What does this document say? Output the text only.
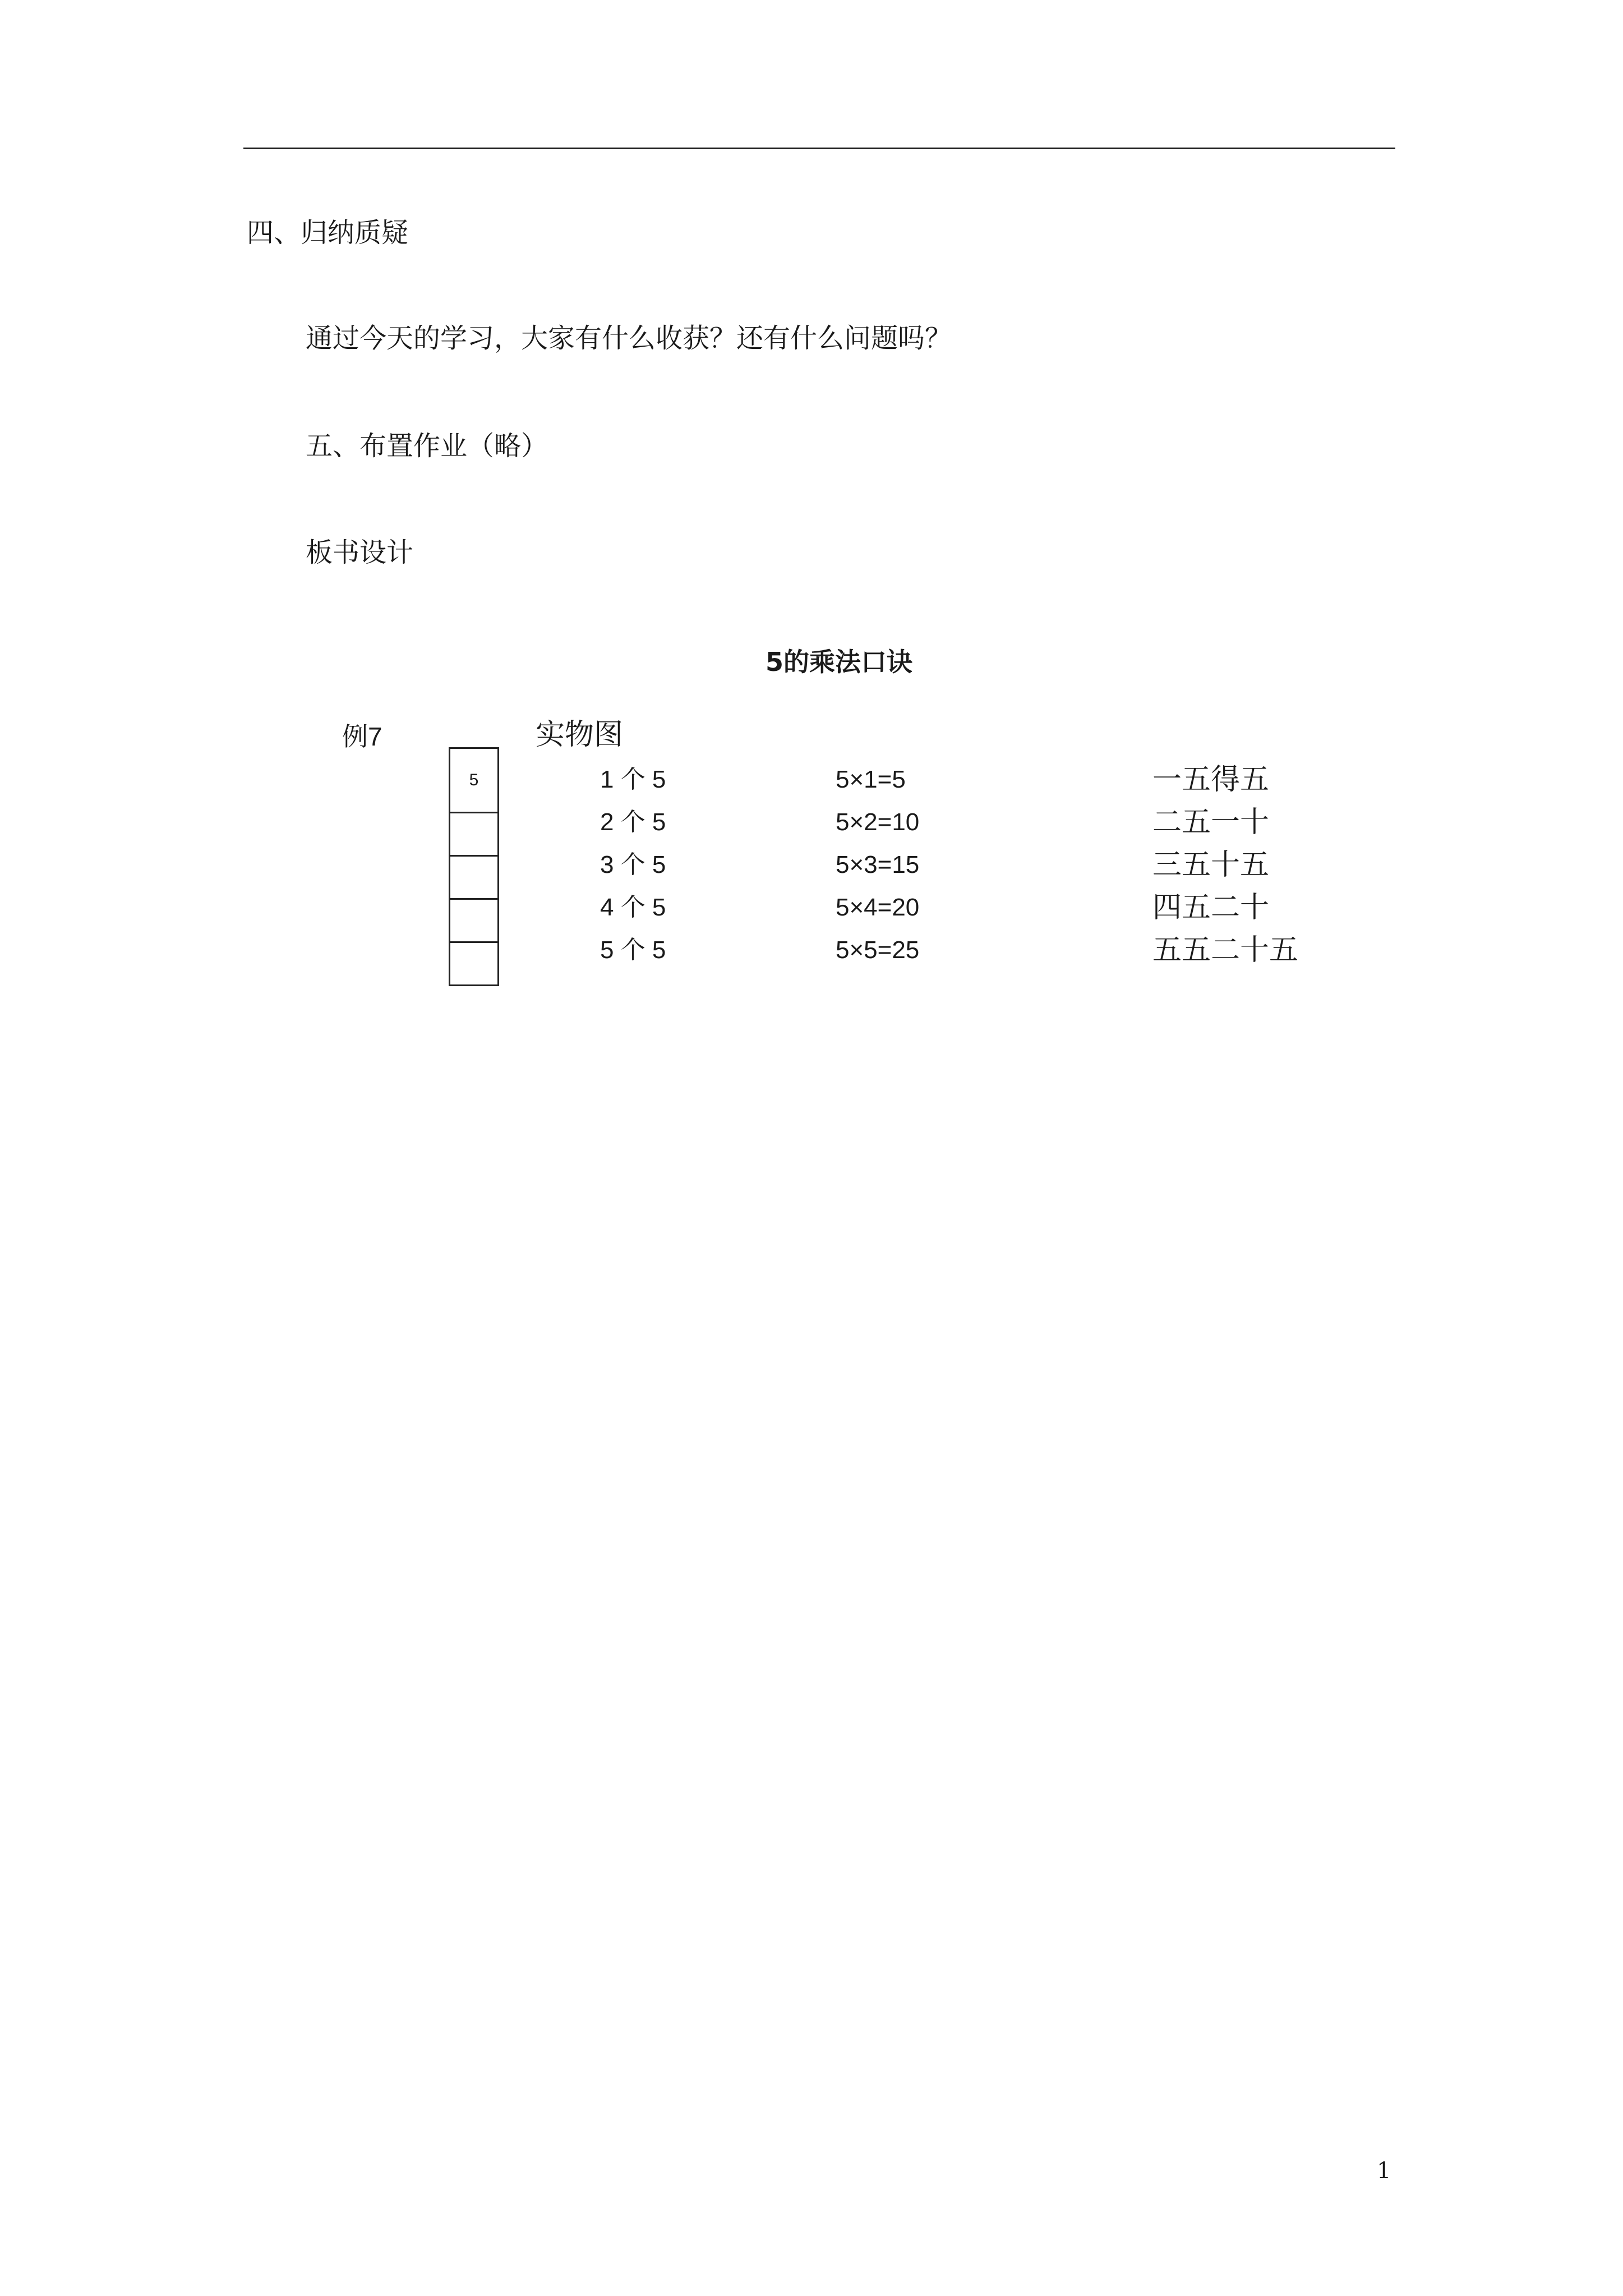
四、归纳质疑
通过今天的学习，大家有什么收获？还有什么问题吗？
五、布置作业（略）
板书设计
5的乘法口诀
例7	实物图
5	1 个 5	5×1=5	一五得五
2 个 5	5×2=10	二五一十
3 个 5	5×3=15	三五十五
4 个 5	5×4=20	四五二十
5 个 5	5×5=25	五五二十五
1
